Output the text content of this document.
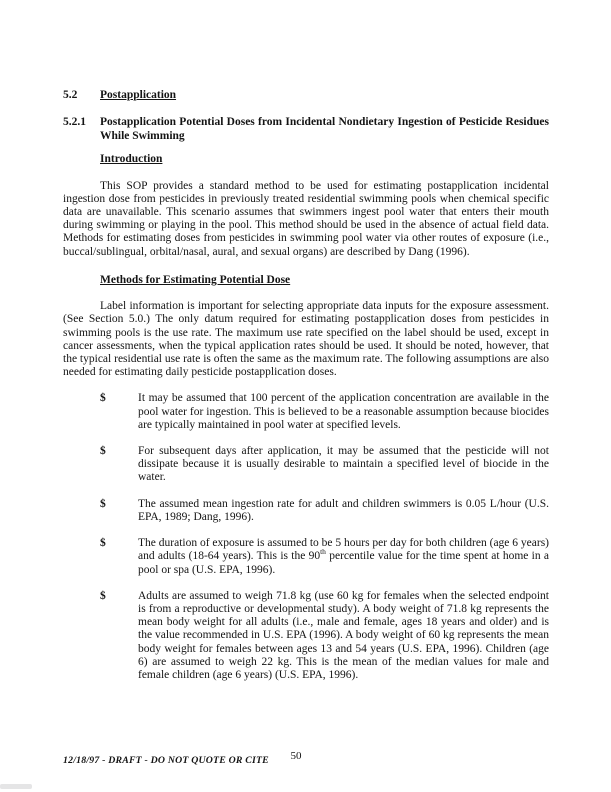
5.2	Postapplication
5.2.1	Postapplication Potential Doses from Incidental Nondietary Ingestion of Pesticide Residues While Swimming
Introduction

This SOP provides a standard method to be used for estimating postapplication incidental ingestion dose from pesticides in previously treated residential swimming pools when chemical specific data are unavailable. This scenario assumes that swimmers ingest pool water that enters their mouth during swimming or playing in the pool. This method should be used in the absence of actual field data. Methods for estimating doses from pesticides in swimming pool water via other routes of exposure (i.e., buccal/sublingual, orbital/nasal, aural, and sexual organs) are described by Dang (1996).

Methods for Estimating Potential Dose

Label information is important for selecting appropriate data inputs for the exposure assessment. (See Section 5.0.) The only datum required for estimating postapplication doses from pesticides in swimming pools is the use rate. The maximum use rate specified on the label should be used, except in cancer assessments, when the typical application rates should be used. It should be noted, however, that the typical residential use rate is often the same as the maximum rate. The following assumptions are also needed for estimating daily pesticide postapplication doses.

$	It may be assumed that 100 percent of the application concentration are available in the pool water for ingestion. This is believed to be a reasonable assumption because biocides are typically maintained in pool water at specified levels.
$	For subsequent days after application, it may be assumed that the pesticide will not dissipate because it is usually desirable to maintain a specified level of biocide in the water.
$	The assumed mean ingestion rate for adult and children swimmers is 0.05 L/hour (U.S. EPA, 1989; Dang, 1996).
$	The duration of exposure is assumed to be 5 hours per day for both children (age 6 years) and adults (18-64 years). This is the 90th percentile value for the time spent at home in a pool or spa (U.S. EPA, 1996).
$	Adults are assumed to weigh 71.8 kg (use 60 kg for females when the selected endpoint is from a reproductive or developmental study). A body weight of 71.8 kg represents the mean body weight for all adults (i.e., male and female, ages 18 years and older) and is the value recommended in U.S. EPA (1996). A body weight of 60 kg represents the mean body weight for females between ages 13 and 54 years (U.S. EPA, 1996). Children (age 6) are assumed to weigh 22 kg. This is the mean of the median values for male and female children (age 6 years) (U.S. EPA, 1996).
50
12/18/97 - DRAFT - DO NOT QUOTE OR CITE
